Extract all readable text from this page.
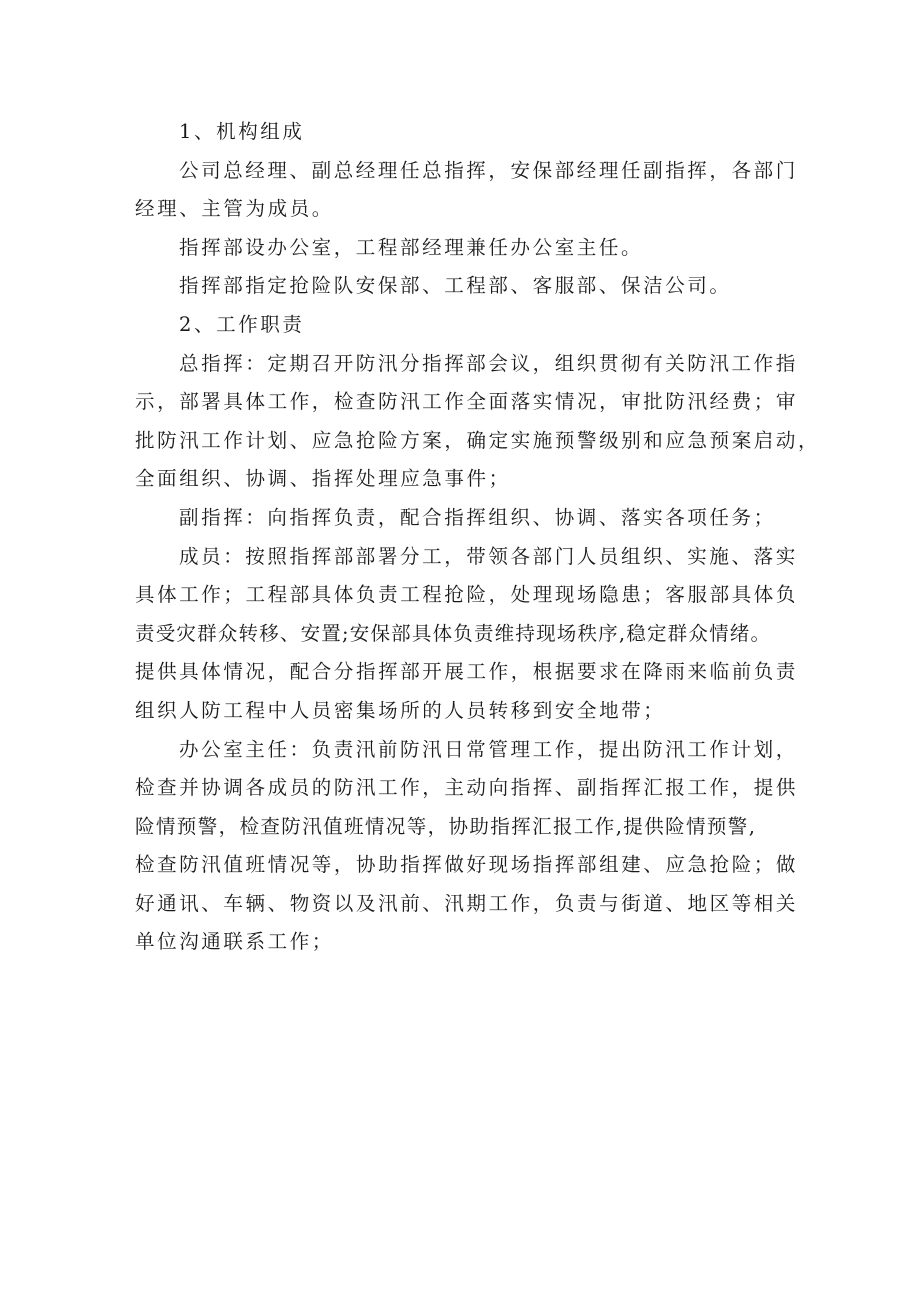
1、机构组成

公司总经理、副总经理任总指挥，安保部经理任副指挥，各部门
经理、主管为成员。

指挥部设办公室，工程部经理兼任办公室主任。

指挥部指定抢险队安保部、工程部、客服部、保洁公司。

2、工作职责

总指挥：定期召开防汛分指挥部会议，组织贯彻有关防汛工作指
示，部署具体工作，检查防汛工作全面落实情况，审批防汛经费；审
批防汛工作计划、应急抢险方案，确定实施预警级别和应急预案启动，
全面组织、协调、指挥处理应急事件；

副指挥：向指挥负责，配合指挥组织、协调、落实各项任务；

成员：按照指挥部部署分工，带领各部门人员组织、实施、落实
具体工作；工程部具体负责工程抢险，处理现场隐患；客服部具体负
责受灾群众转移、安置;安保部具体负责维持现场秩序,稳定群众情绪。
提供具体情况，配合分指挥部开展工作，根据要求在降雨来临前负责
组织人防工程中人员密集场所的人员转移到安全地带；

办公室主任：负责汛前防汛日常管理工作，提出防汛工作计划，
检查并协调各成员的防汛工作，主动向指挥、副指挥汇报工作，提供
险情预警，检查防汛值班情况等，协助指挥汇报工作,提供险情预警,
检查防汛值班情况等，协助指挥做好现场指挥部组建、应急抢险；做
好通讯、车辆、物资以及汛前、汛期工作，负责与街道、地区等相关
单位沟通联系工作；
